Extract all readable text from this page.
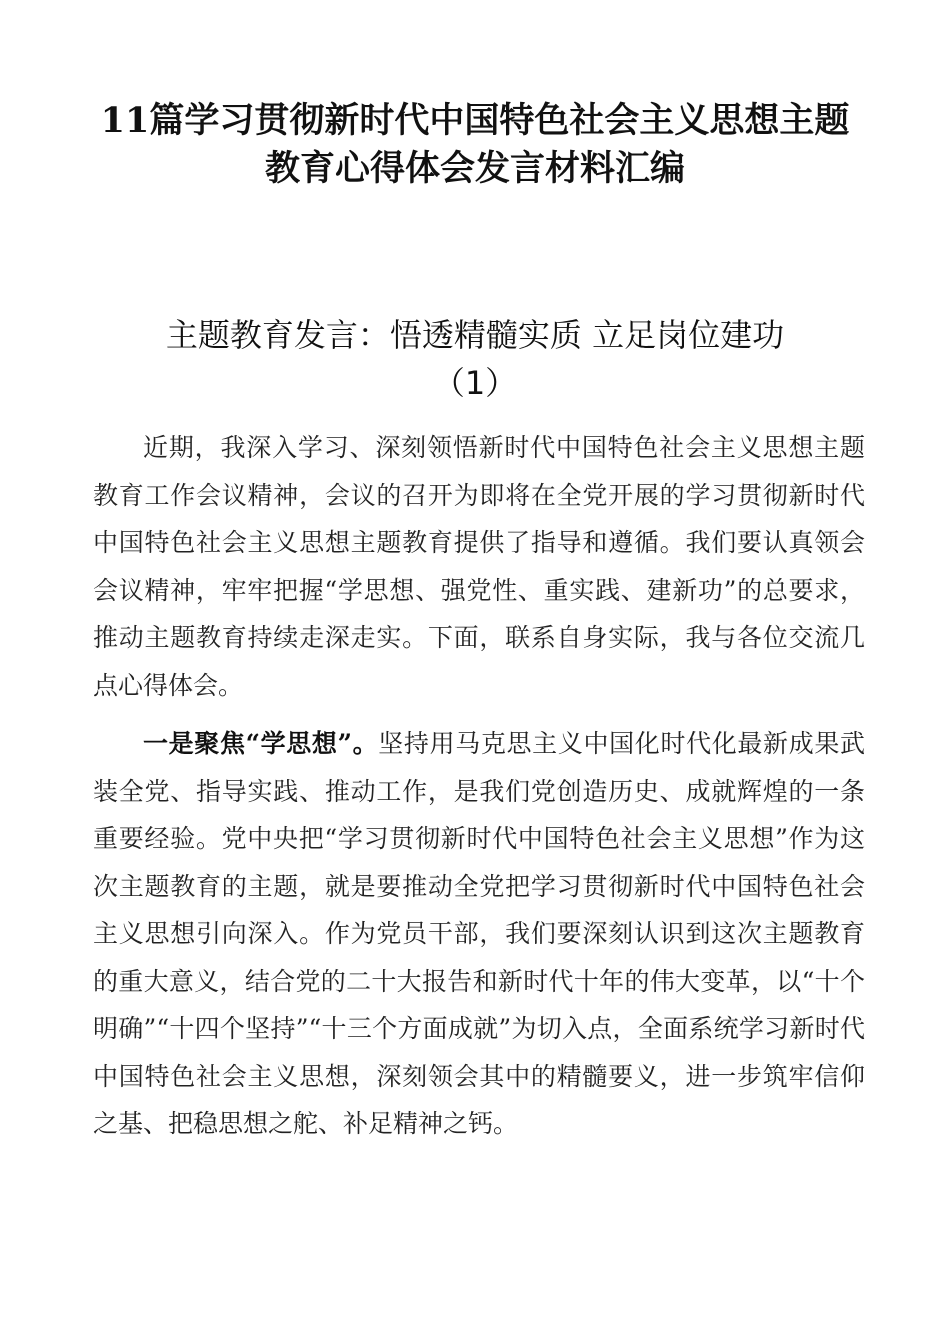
11篇学习贯彻新时代中国特色社会主义思想主题
教育心得体会发言材料汇编
主题教育发言：悟透精髓实质 立足岗位建功
（1）

近期，我深入学习、深刻领悟新时代中国特色社会主义思想主题教育工作会议精神，会议的召开为即将在全党开展的学习贯彻新时代中国特色社会主义思想主题教育提供了指导和遵循。我们要认真领会会议精神，牢牢把握“学思想、强党性、重实践、建新功”的总要求，推动主题教育持续走深走实。下面，联系自身实际，我与各位交流几点心得体会。

一是聚焦“学思想”。坚持用马克思主义中国化时代化最新成果武装全党、指导实践、推动工作，是我们党创造历史、成就辉煌的一条重要经验。党中央把“学习贯彻新时代中国特色社会主义思想”作为这次主题教育的主题，就是要推动全党把学习贯彻新时代中国特色社会主义思想引向深入。作为党员干部，我们要深刻认识到这次主题教育的重大意义，结合党的二十大报告和新时代十年的伟大变革，以“十个明确”“十四个坚持”“十三个方面成就”为切入点，全面系统学习新时代中国特色社会主义思想，深刻领会其中的精髓要义，进一步筑牢信仰之基、把稳思想之舵、补足精神之钙。
